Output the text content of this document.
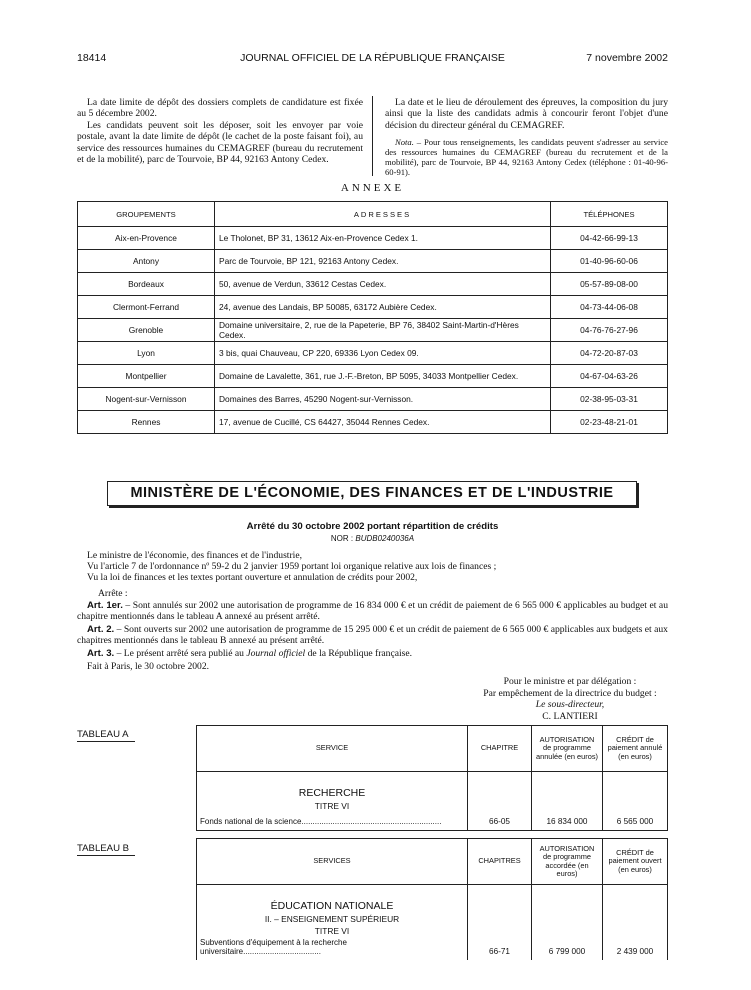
18414	JOURNAL OFFICIEL DE LA RÉPUBLIQUE FRANÇAISE	7 novembre 2002

La date limite de dépôt des dossiers complets de candidature est fixée au 5 décembre 2002.

Les candidats peuvent soit les déposer, soit les envoyer par voie postale, avant la date limite de dépôt (le cachet de la poste faisant foi), au service des ressources humaines du CEMAGREF (bureau du recrutement et de la mobilité), parc de Tourvoie, BP 44, 92163 Antony Cedex.

La date et le lieu de déroulement des épreuves, la composition du jury ainsi que la liste des candidats admis à concourir feront l'objet d'une décision du directeur général du CEMAGREF.

Nota. – Pour tous renseignements, les candidats peuvent s'adresser au service des ressources humaines du CEMAGREF (bureau du recrutement et de la mobilité), parc de Tourvoie, BP 44, 92163 Antony Cedex (téléphone : 01-40-96-60-91).

ANNEXE
GROUPEMENTS	ADRESSES	TÉLÉPHONES
Aix-en-Provence	Le Tholonet, BP 31, 13612 Aix-en-Provence Cedex 1.	04-42-66-99-13
Antony	Parc de Tourvoie, BP 121, 92163 Antony Cedex.	01-40-96-60-06
Bordeaux	50, avenue de Verdun, 33612 Cestas Cedex.	05-57-89-08-00
Clermont-Ferrand	24, avenue des Landais, BP 50085, 63172 Aubière Cedex.	04-73-44-06-08
Grenoble	Domaine universitaire, 2, rue de la Papeterie, BP 76, 38402 Saint-Martin-d'Hères Cedex.	04-76-76-27-96
Lyon	3 bis, quai Chauveau, CP 220, 69336 Lyon Cedex 09.	04-72-20-87-03
Montpellier	Domaine de Lavalette, 361, rue J.-F.-Breton, BP 5095, 34033 Montpellier Cedex.	04-67-04-63-26
Nogent-sur-Vernisson	Domaines des Barres, 45290 Nogent-sur-Vernisson.	02-38-95-03-31
Rennes	17, avenue de Cucillé, CS 64427, 35044 Rennes Cedex.	02-23-48-21-01
MINISTÈRE DE L'ÉCONOMIE, DES FINANCES ET DE L'INDUSTRIE
Arrêté du 30 octobre 2002 portant répartition de crédits
NOR : BUDB0240036A
Le ministre de l'économie, des finances et de l'industrie,
Vu l'article 7 de l'ordonnance nº 59-2 du 2 janvier 1959 portant loi organique relative aux lois de finances ;
Vu la loi de finances et les textes portant ouverture et annulation de crédits pour 2002,
Arrête :
Art. 1er. – Sont annulés sur 2002 une autorisation de programme de 16 834 000 € et un crédit de paiement de 6 565 000 € applicables au budget et au chapitre mentionnés dans le tableau A annexé au présent arrêté.
Art. 2. – Sont ouverts sur 2002 une autorisation de programme de 15 295 000 € et un crédit de paiement de 6 565 000 € applicables aux budgets et aux chapitres mentionnés dans le tableau B annexé au présent arrêté.
Art. 3. – Le présent arrêté sera publié au Journal officiel de la République française.
Fait à Paris, le 30 octobre 2002.
Pour le ministre et par délégation :
Par empêchement de la directrice du budget :
Le sous-directeur,
C. LANTIERI
TABLEAU A
SERVICE	CHAPITRE	AUTORISATION de programme annulée (en euros)	CRÉDIT de paiement annulé (en euros)

RECHERCHE
TITRE VI
Fonds national de la science...............................................................	66-05	16 834 000	6 565 000
TABLEAU B
SERVICES	CHAPITRES	AUTORISATION de programme accordée (en euros)	CRÉDIT de paiement ouvert (en euros)

ÉDUCATION NATIONALE
II. – ENSEIGNEMENT SUPÉRIEUR
TITRE VI
Subventions d'équipement à la recherche universitaire...................................	66-71	6 799 000	2 439 000
